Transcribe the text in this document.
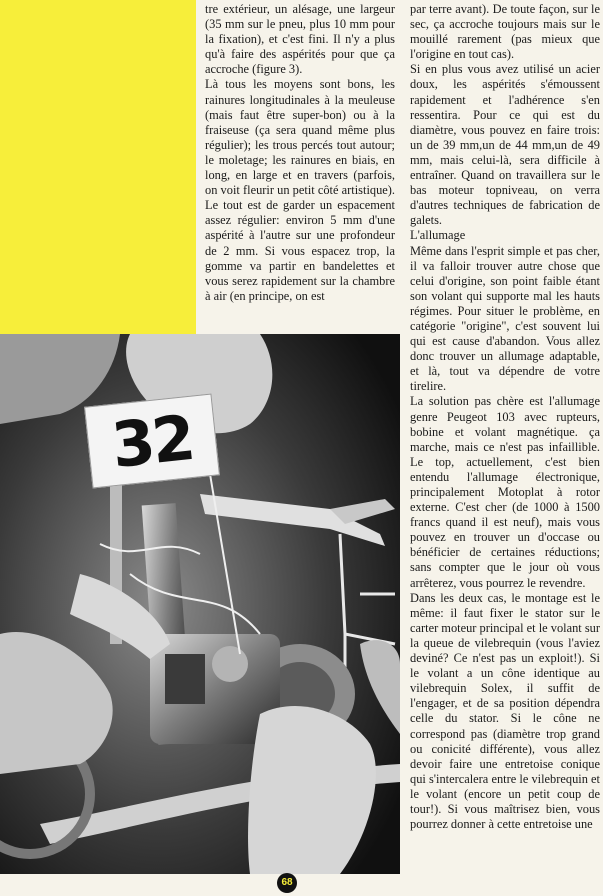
tre extérieur, un alésage, une largeur (35 mm sur le pneu, plus 10 mm pour la fixation), et c'est fini. Il n'y a plus qu'à faire des aspérités pour que ça accroche (figure 3).

Là tous les moyens sont bons, les rainures longitudinales à la meuleuse (mais faut être super-bon) ou à la fraiseuse (ça sera quand même plus régulier); les trous percés tout autour; le moletage; les rainures en biais, en long, en large et en travers (parfois, on voit fleurir un petit côté artistique). Le tout est de garder un espacement assez régulier: environ 5 mm d'une aspérité à l'autre sur une profondeur de 2 mm. Si vous espacez trop, la gomme va partir en bandelettes et vous serez rapidement sur la chambre à air (en principe, on est

par terre avant). De toute façon, sur le sec, ça accroche toujours mais sur le mouillé rarement (pas mieux que l'origine en tout cas).

Si en plus vous avez utilisé un acier doux, les aspérités s'émoussent rapidement et l'adhérence s'en ressentira. Pour ce qui est du diamètre, vous pouvez en faire trois: un de 39 mm,un de 44 mm,un de 49 mm, mais celui-là, sera difficile à entraîner. Quand on travaillera sur le bas moteur topniveau, on verra d'autres techniques de fabrication de galets.

L'allumage

Même dans l'esprit simple et pas cher, il va falloir trouver autre chose que celui d'origine, son point faible étant son volant qui supporte mal les hauts régimes. Pour situer le problème, en catégorie "origine", c'est souvent lui qui est cause d'abandon. Vous allez donc trouver un allumage adaptable, et là, tout va dépendre de votre tirelire.

La solution pas chère est l'allumage genre Peugeot 103 avec rupteurs, bobine et volant magnétique. ça marche, mais ce n'est pas infaillible. Le top, actuellement, c'est bien entendu l'allumage électronique, principalement Motoplat à rotor externe. C'est cher (de 1000 à 1500 francs quand il est neuf), mais vous pouvez en trouver un d'occase ou bénéficier de certaines réductions; sans compter que le jour où vous arrêterez, vous pourrez le revendre.

Dans les deux cas, le montage est le même: il faut fixer le stator sur le carter moteur principal et le volant sur la queue de vilebrequin (vous l'aviez deviné? Ce n'est pas un exploit!). Si le volant a un cône identique au vilebrequin Solex, il suffit de l'engager, et de sa position dépendra celle du stator. Si le cône ne correspond pas (diamètre trop grand ou conicité différente), vous allez devoir faire une entretoise conique qui s'intercalera entre le vilebrequin et le volant (encore un petit coup de tour!). Si vous maîtrisez bien, vous pourrez donner à cette entretoise une

32
68
